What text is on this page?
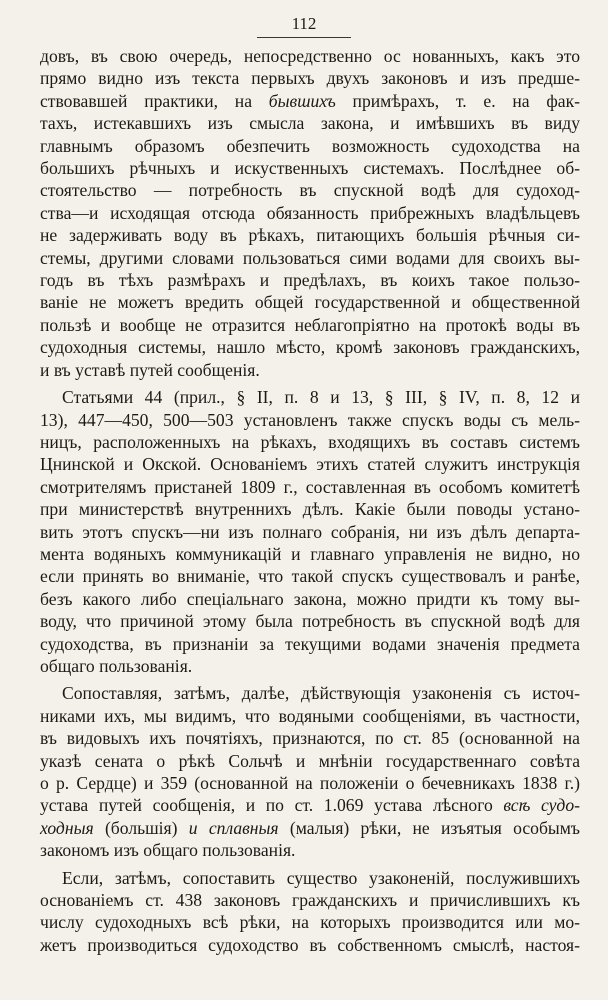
112
довъ, въ свою очередь, непосредственно ос нованныхъ, какъ это
прямо видно изъ текста первыхъ двухъ законовъ и изъ предше-
ствовавшей практики, на бывшихъ примѣрахъ, т. е. на фак-
тахъ, истекавшихъ изъ смысла закона, и имѣвшихъ въ виду
главнымъ образомъ обезпечить возможность судоходства на
большихъ рѣчныхъ и искуственныхъ системахъ. Послѣднее об-
стоятельство — потребность въ спускной водѣ для судоход-
ства—и исходящая отсюда обязанность прибрежныхъ владѣльцевъ
не задерживать воду въ рѣкахъ, питающихъ большія рѣчныя си-
стемы, другими словами пользоваться сими водами для своихъ вы-
годъ въ тѣхъ размѣрахъ и предѣлахъ, въ коихъ такое пользо-
ваніе не можетъ вредить общей государственной и общественной
пользѣ и вообще не отразится неблагопріятно на протокѣ воды въ
судоходныя системы, нашло мѣсто, кромѣ законовъ гражданскихъ,
и въ уставѣ путей сообщенія.
Статьями 44 (прил., § II, п. 8 и 13, § III, § IV, п. 8, 12 и
13), 447—450, 500—503 установленъ также спускъ воды съ мель-
ницъ, расположенныхъ на рѣкахъ, входящихъ въ составъ системъ
Цнинской и Окской. Основаніемъ этихъ статей служитъ инструкція
смотрителямъ пристаней 1809 г., составленная въ особомъ комитетѣ
при министерствѣ внутреннихъ дѣлъ. Какіе были поводы устано-
вить этотъ спускъ—ни изъ полнаго собранія, ни изъ дѣлъ департа-
мента водяныхъ коммуникацій и главнаго управленія не видно, но
если принять во вниманіе, что такой спускъ существовалъ и ранѣе,
безъ какого либо спеціальнаго закона, можно придти къ тому вы-
воду, что причиной этому была потребность въ спускной водѣ для
судоходства, въ признаніи за текущими водами значенія предмета
общаго пользованія.
Сопоставляя, затѣмъ, далѣе, дѣйствующія узаконенія съ источ-
никами ихъ, мы видимъ, что водяными сообщеніями, въ частности,
въ видовыхъ ихъ почятіяхъ, признаются, по ст. 85 (основанной на
указѣ сената о рѣкѣ Сольчѣ и мнѣніи государственнаго совѣта
о р. Сердце) и 359 (основанной на положеніи о бечевникахъ 1838 г.)
устава путей сообщенія, и по ст. 1.069 устава лѣсного всѣ судо-
ходныя (большія) и сплавныя (малыя) рѣки, не изъятыя особымъ
закономъ изъ общаго пользованія.
Если, затѣмъ, сопоставить существо узаконеній, послужившихъ
основаніемъ ст. 438 законовъ гражданскихъ и причислившихъ къ
числу судоходныхъ всѣ рѣки, на которыхъ производится или мо-
жетъ производиться судоходство въ собственномъ смыслѣ, настоя-
